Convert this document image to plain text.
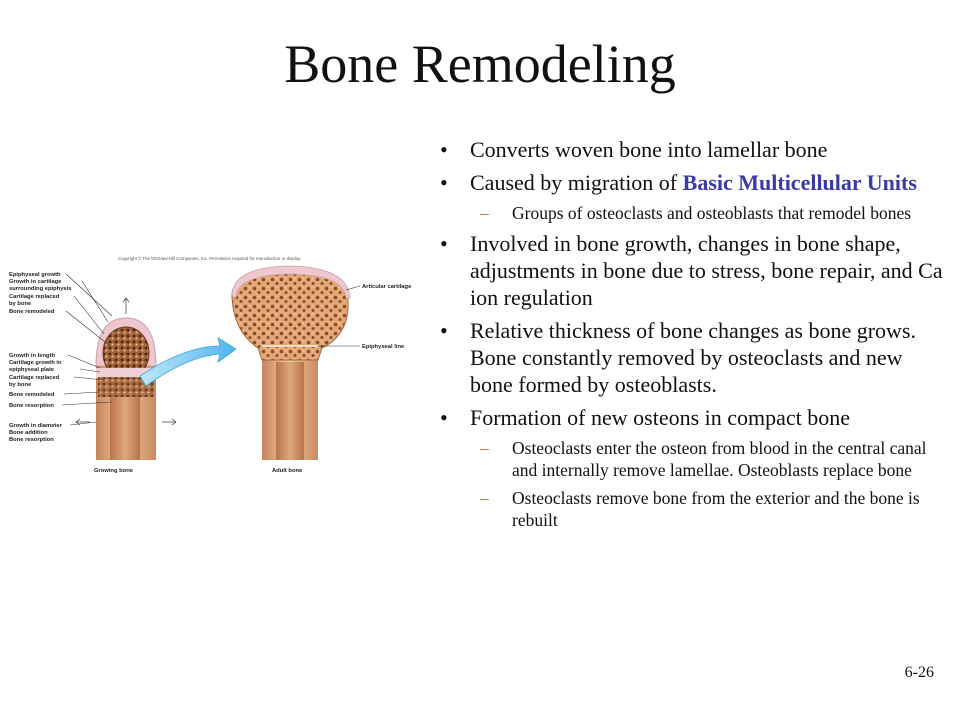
Bone Remodeling
Copyright © The McGraw-Hill Companies, Inc. Permission required for reproduction or display.
Epiphyseal growth
Growth in cartilage
surrounding epiphysis
Cartilage replaced
by bone
Bone remodeled
Growth in length
Cartilage growth in
epiphyseal plate
Cartilage replaced
by bone
Bone remodeled
Bone resorption
Growth in diameter
Bone addition
Bone resorption
Articular cartilage
Epiphyseal line
Growing bone	Adult bone
• Converts woven bone into lamellar bone
• Caused by migration of Basic Multicellular Units
– Groups of osteoclasts and osteoblasts that remodel bones
• Involved in bone growth, changes in bone shape, adjustments in bone due to stress, bone repair, and Ca ion regulation
• Relative thickness of bone changes as bone grows. Bone constantly removed by osteoclasts and new bone formed by osteoblasts.
• Formation of new osteons in compact bone
– Osteoclasts enter the osteon from blood in the central canal and internally remove lamellae. Osteoblasts replace bone
– Osteoclasts remove bone from the exterior and the bone is rebuilt
6-26
